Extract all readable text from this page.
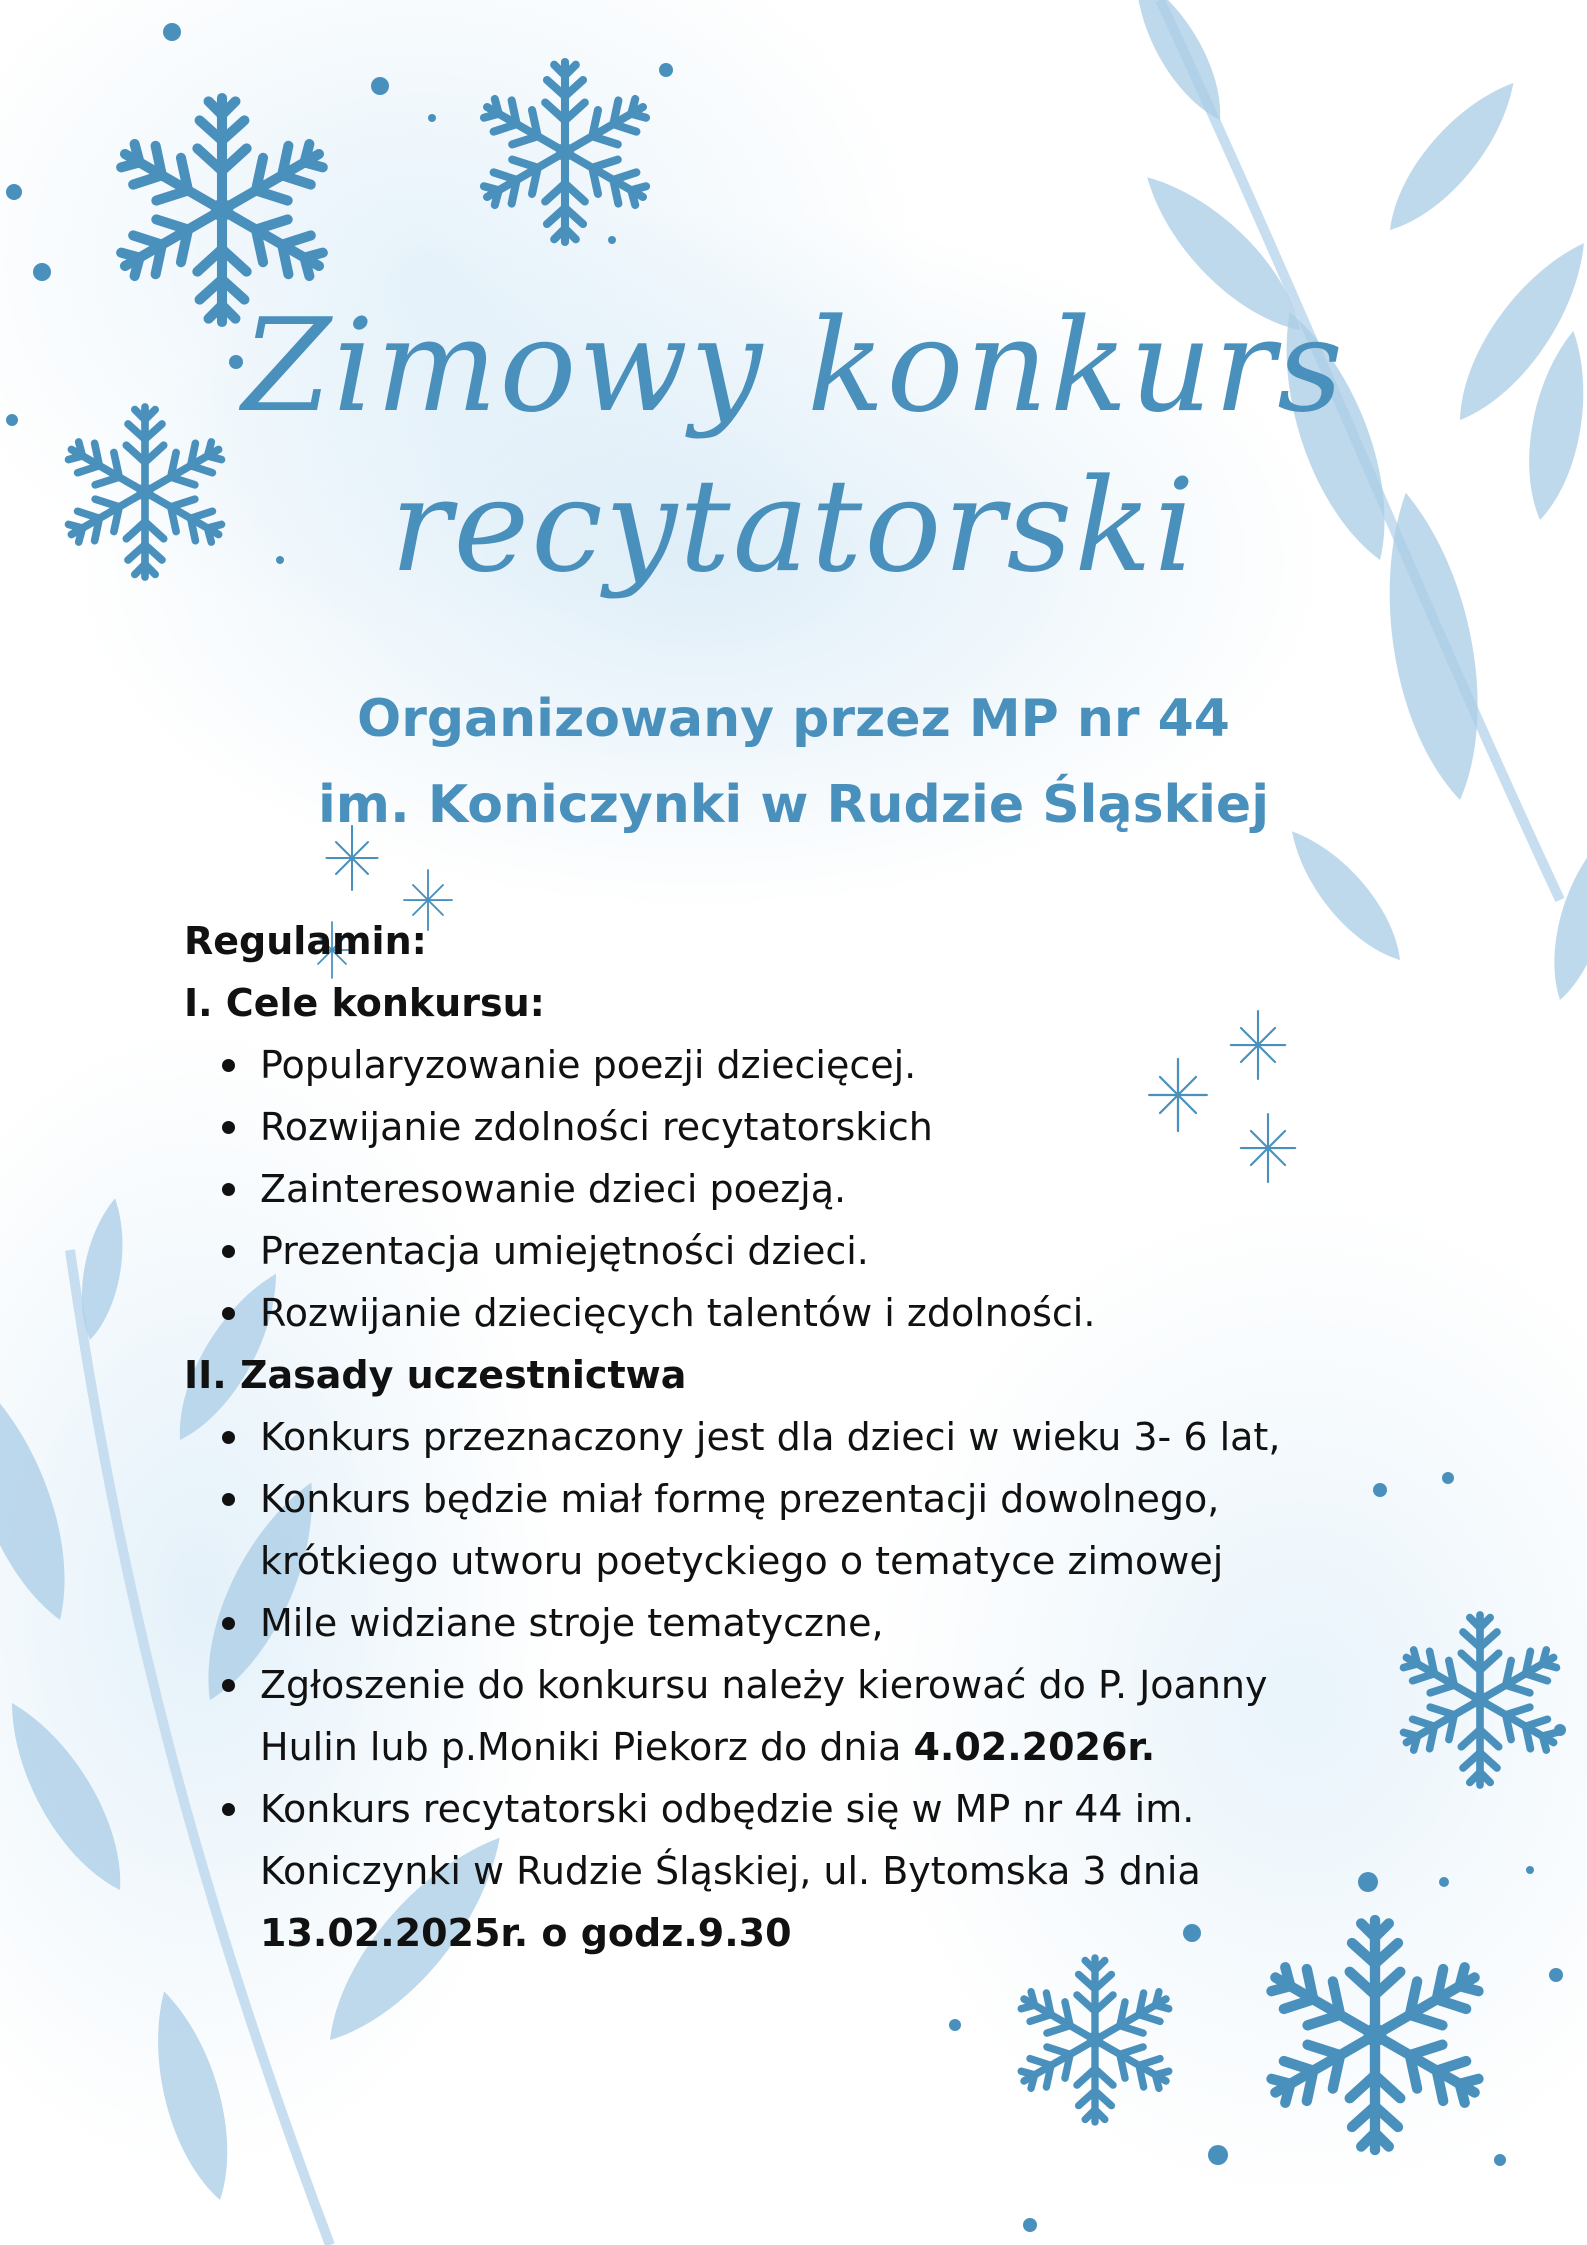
Zimowy konkurs
recytatorski
Organizowany przez MP nr 44
im. Koniczynki w Rudzie Śląskiej

Regulamin:

I. Cele konkursu:

Popularyzowanie poezji dziecięcej.
Rozwijanie zdolności recytatorskich
Zainteresowanie dzieci poezją.
Prezentacja umiejętności dzieci.
Rozwijanie dziecięcych talentów i zdolności.

II. Zasady uczestnictwa

Konkurs przeznaczony jest dla dzieci w wieku 3- 6 lat,
Konkurs będzie miał formę prezentacji dowolnego,
krótkiego utworu poetyckiego o tematyce zimowej
Mile widziane stroje tematyczne,
Zgłoszenie do konkursu należy kierować do P. Joanny
Hulin lub p.Moniki Piekorz do dnia 4.02.2026r.
Konkurs recytatorski odbędzie się w MP nr 44 im.
Koniczynki w Rudzie Śląskiej, ul. Bytomska 3 dnia
13.02.2025r. o godz.9.30
